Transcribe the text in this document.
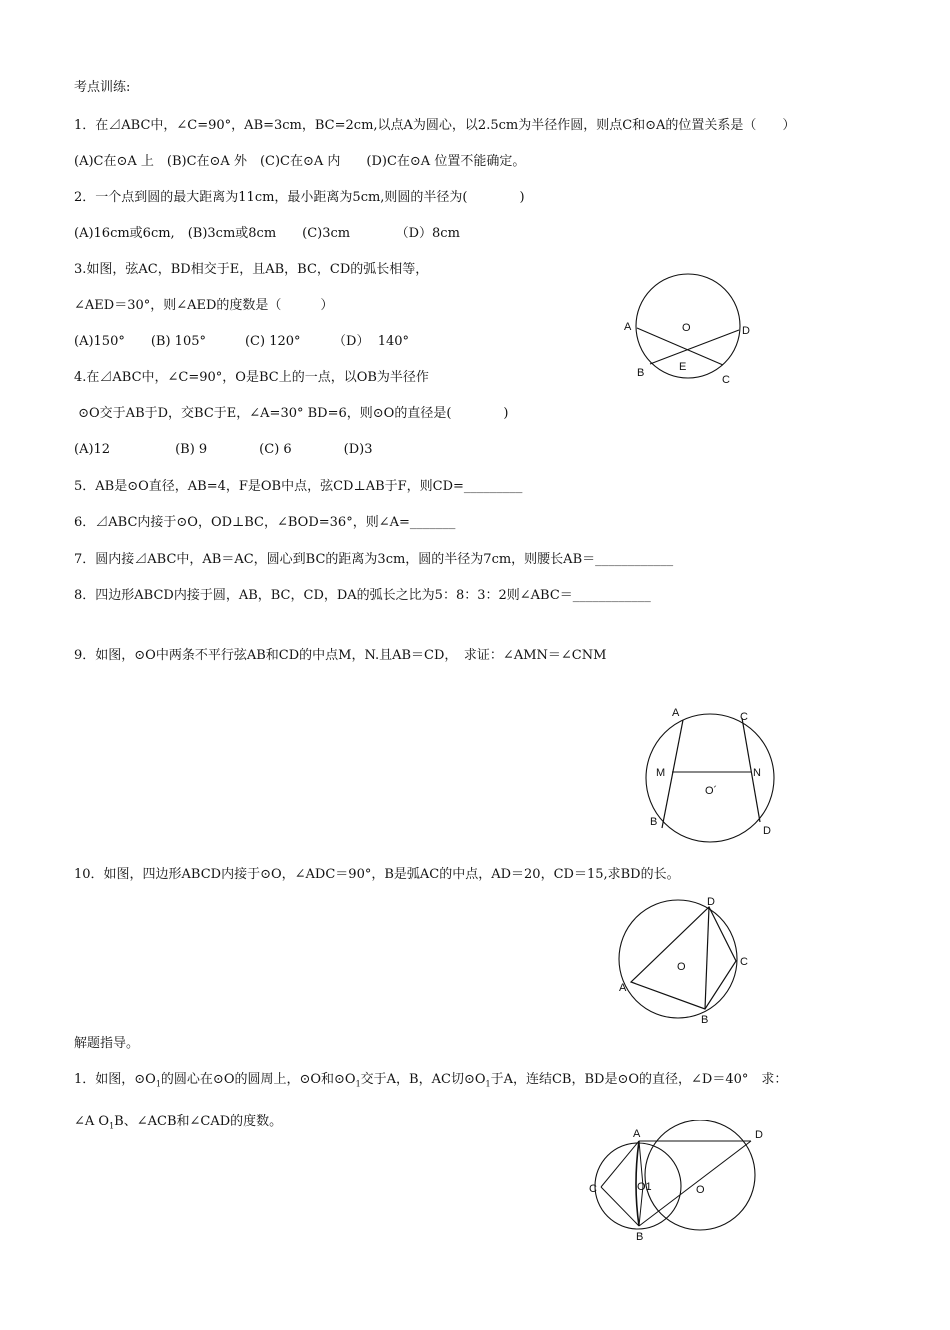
考点训练:
1．在⊿ABC中，∠C=90°，AB=3cm，BC=2cm,以点A为圆心，以2.5cm为半径作圆，则点C和⊙A的位置关系是（　　）
(A)C在⊙A 上　(B)C在⊙A 外　(C)C在⊙A 内　　(D)C在⊙A 位置不能确定。
2．一个点到圆的最大距离为11cm，最小距离为5cm,则圆的半径为(　　　　)
(A)16cm或6cm,　(B)3cm或8cm　　(C)3cm　　　　（D）8cm
3.如图，弦AC，BD相交于E，且AB，BC，CD的弧长相等，
∠AED＝30°，则∠AED的度数是（　　　）
(A)150°　　(B) 105°　　　(C) 120°　　　（D）  140°
4.在⊿ABC中，∠C=90°，O是BC上的一点，以OB为半径作
⊙O交于AB于D，交BC于E，∠A=30° BD=6，则⊙O的直径是(　　　　)
(A)12　　　　　(B) 9　　　　(C) 6　　　　(D)3
5．AB是⊙O直径，AB=4，F是OB中点，弦CD⊥AB于F，则CD=_________
6．⊿ABC内接于⊙O，OD⊥BC，∠BOD=36°，则∠A=_______
7．圆内接⊿ABC中，AB＝AC，圆心到BC的距离为3cm，圆的半径为7cm，则腰长AB＝____________
8．四边形ABCD内接于圆，AB，BC，CD，DA的弧长之比为5：8：3：2则∠ABC＝____________
9．如图，⊙O中两条不平行弦AB和CD的中点M，N.且AB＝CD，　求证：∠AMN＝∠CNM
10．如图，四边形ABCD内接于⊙O，∠ADC＝90°，B是弧AC的中点，AD＝20，CD＝15,求BD的长。
解题指导。
1．如图，$⊙O_1$的圆心在⊙O的圆周上，⊙O和$⊙O_1$交于A，B，AC切$⊙O_1$于A，连结CB，BD是⊙O的直径，∠D＝40°　求：
∠A $O_1B$、∠ACB和∠CAD的度数。
A	O	D
B	E
C
A	C
M	N
O´
B
D
D
O	C
A
B
A	D
C	O1	O
B
